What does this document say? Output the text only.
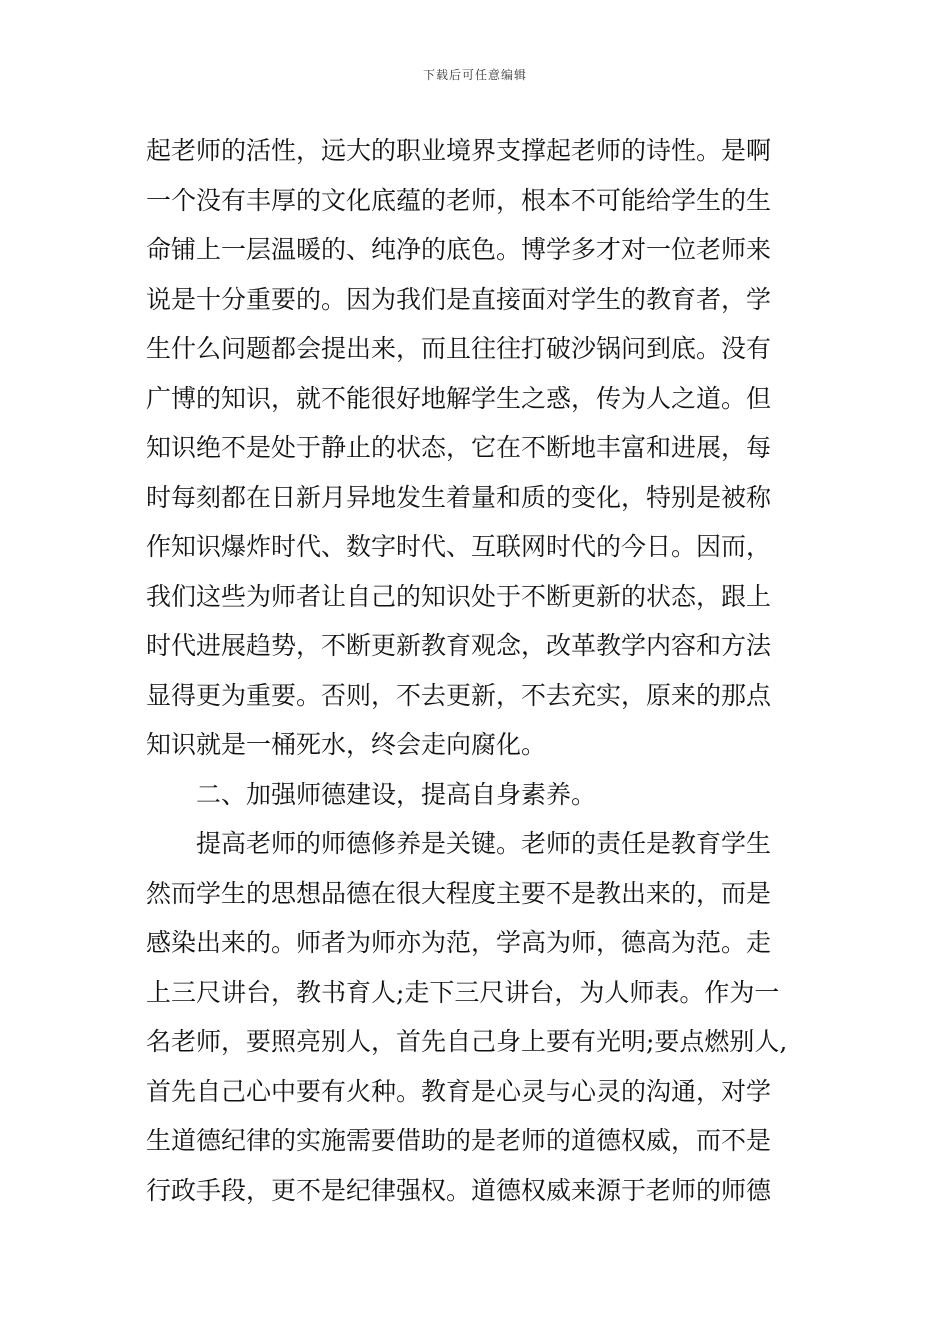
下载后可任意编辑
起老师的活性，远大的职业境界支撑起老师的诗性。是啊
一个没有丰厚的文化底蕴的老师，根本不可能给学生的生
命铺上一层温暖的、纯净的底色。博学多才对一位老师来
说是十分重要的。因为我们是直接面对学生的教育者，学
生什么问题都会提出来，而且往往打破沙锅问到底。没有
广博的知识，就不能很好地解学生之惑，传为人之道。但
知识绝不是处于静止的状态，它在不断地丰富和进展，每
时每刻都在日新月异地发生着量和质的变化，特别是被称
作知识爆炸时代、数字时代、互联网时代的今日。因而，
我们这些为师者让自己的知识处于不断更新的状态，跟上
时代进展趋势，不断更新教育观念，改革教学内容和方法
显得更为重要。否则，不去更新，不去充实，原来的那点
知识就是一桶死水，终会走向腐化。
二、加强师德建设，提高自身素养。
提高老师的师德修养是关键。老师的责任是教育学生
然而学生的思想品德在很大程度主要不是教出来的，而是
感染出来的。师者为师亦为范，学高为师，德高为范。走
上三尺讲台，教书育人;走下三尺讲台，为人师表。作为一
名老师，要照亮别人，首先自己身上要有光明;要点燃别人,
首先自己心中要有火种。教育是心灵与心灵的沟通，对学
生道德纪律的实施需要借助的是老师的道德权威，而不是
行政手段，更不是纪律强权。道德权威来源于老师的师德
